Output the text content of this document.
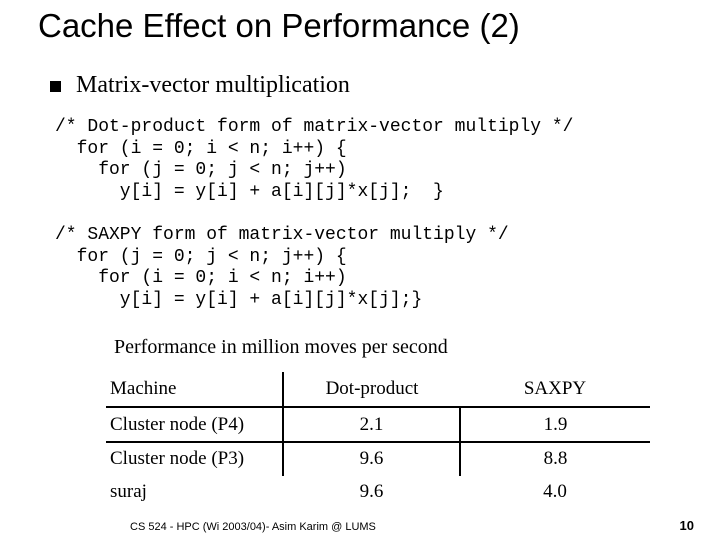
Cache Effect on Performance (2)
Matrix-vector multiplication
/* Dot-product form of matrix-vector multiply */
for (i = 0; i < n; i++) {
for (j = 0; j < n; j++)
y[i] = y[i] + a[i][j]*x[j];  }
/* SAXPY form of matrix-vector multiply */
for (j = 0; j < n; j++) {
for (i = 0; i < n; i++)
y[i] = y[i] + a[i][j]*x[j];}
Performance in million moves per second
Machine	Dot-product	SAXPY
Cluster node (P4)	2.1	1.9
Cluster node (P3)	9.6	8.8
suraj	9.6	4.0
CS 524 - HPC (Wi 2003/04)- Asim Karim @ LUMS	10
